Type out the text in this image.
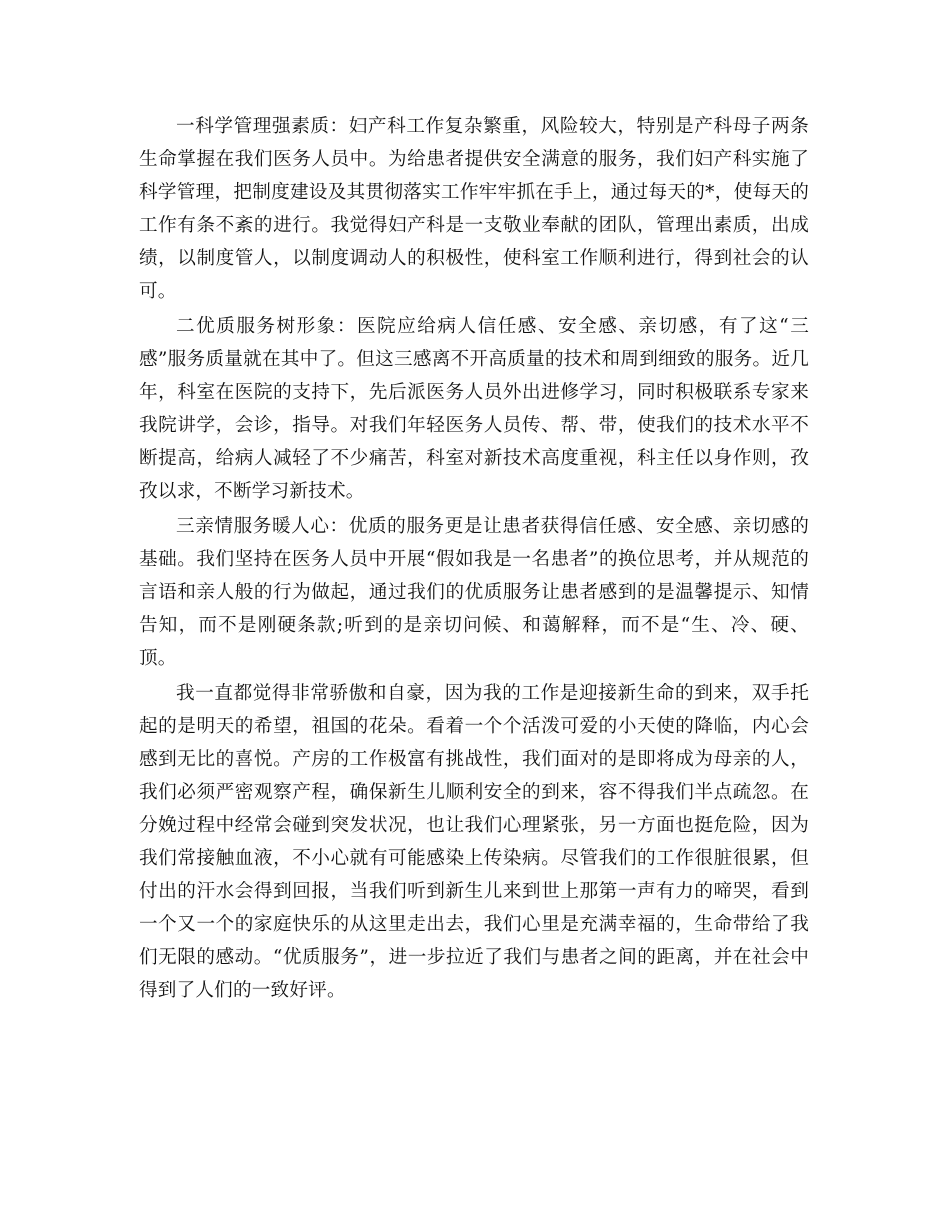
一科学管理强素质：妇产科工作复杂繁重，风险较大，特别是产科母子两条生命掌握在我们医务人员中。为给患者提供安全满意的服务，我们妇产科实施了科学管理，把制度建设及其贯彻落实工作牢牢抓在手上，通过每天的*，使每天的工作有条不紊的进行。我觉得妇产科是一支敬业奉献的团队，管理出素质，出成绩，以制度管人，以制度调动人的积极性，使科室工作顺利进行，得到社会的认可。

二优质服务树形象：医院应给病人信任感、安全感、亲切感，有了这“三感”服务质量就在其中了。但这三感离不开高质量的技术和周到细致的服务。近几年，科室在医院的支持下，先后派医务人员外出进修学习，同时积极联系专家来我院讲学，会诊，指导。对我们年轻医务人员传、帮、带，使我们的技术水平不断提高，给病人减轻了不少痛苦，科室对新技术高度重视，科主任以身作则，孜孜以求，不断学习新技术。

三亲情服务暖人心：优质的服务更是让患者获得信任感、安全感、亲切感的基础。我们坚持在医务人员中开展“假如我是一名患者”的换位思考，并从规范的言语和亲人般的行为做起，通过我们的优质服务让患者感到的是温馨提示、知情告知，而不是刚硬条款;听到的是亲切问候、和蔼解释，而不是“生、冷、硬、顶。

我一直都觉得非常骄傲和自豪，因为我的工作是迎接新生命的到来，双手托起的是明天的希望，祖国的花朵。看着一个个活泼可爱的小天使的降临，内心会感到无比的喜悦。产房的工作极富有挑战性，我们面对的是即将成为母亲的人，我们必须严密观察产程，确保新生儿顺利安全的到来，容不得我们半点疏忽。在分娩过程中经常会碰到突发状况，也让我们心理紧张，另一方面也挺危险，因为我们常接触血液，不小心就有可能感染上传染病。尽管我们的工作很脏很累，但付出的汗水会得到回报，当我们听到新生儿来到世上那第一声有力的啼哭，看到一个又一个的家庭快乐的从这里走出去，我们心里是充满幸福的，生命带给了我们无限的感动。“优质服务”，进一步拉近了我们与患者之间的距离，并在社会中得到了人们的一致好评。
